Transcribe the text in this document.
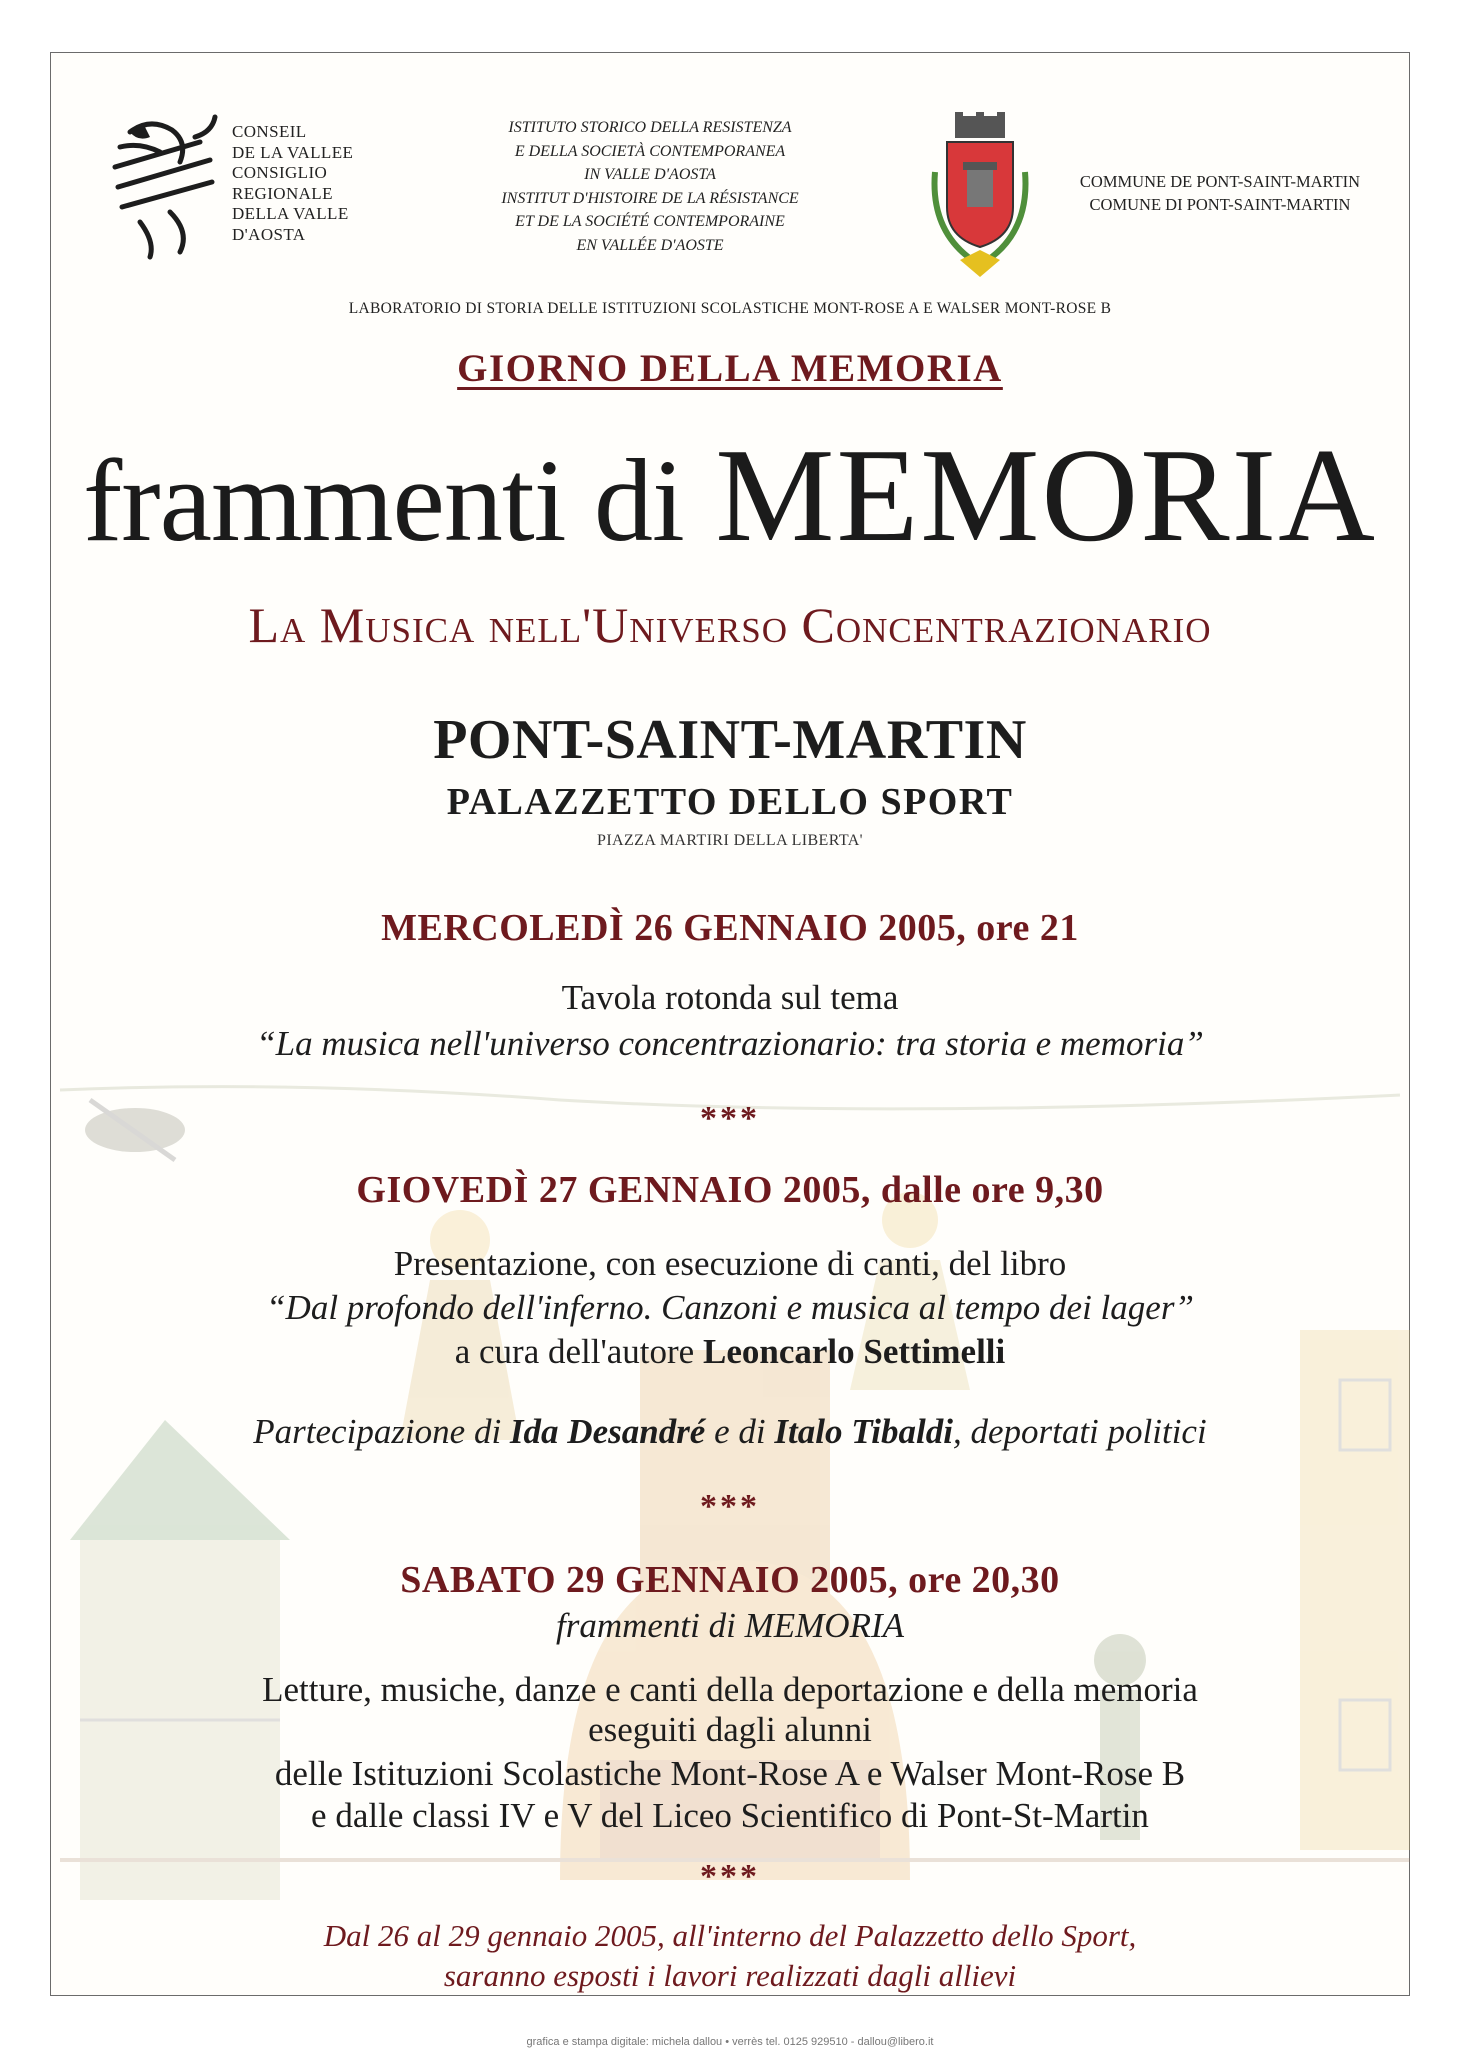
CONSEIL
DE LA VALLEE
CONSIGLIO
REGIONALE
DELLA VALLE
D'AOSTA
ISTITUTO STORICO DELLA RESISTENZA
E DELLA SOCIETÀ CONTEMPORANEA
IN VALLE D'AOSTA
INSTITUT D'HISTOIRE DE LA RÉSISTANCE
ET DE LA SOCIÉTÉ CONTEMPORAINE
EN VALLÉE D'AOSTE
COMMUNE DE PONT-SAINT-MARTIN
COMUNE DI PONT-SAINT-MARTIN
LABORATORIO DI STORIA DELLE ISTITUZIONI SCOLASTICHE MONT-ROSE A E WALSER MONT-ROSE B
GIORNO DELLA MEMORIA
frammenti di MEMORIA
La Musica nell'Universo Concentrazionario
PONT-SAINT-MARTIN
PALAZZETTO DELLO SPORT
PIAZZA MARTIRI DELLA LIBERTA'
MERCOLEDÌ 26 GENNAIO 2005, ore 21
Tavola rotonda sul tema
“La musica nell'universo concentrazionario: tra storia e memoria”
***
GIOVEDÌ 27 GENNAIO 2005, dalle ore 9,30
Presentazione, con esecuzione di canti, del libro
“Dal profondo dell'inferno. Canzoni e musica al tempo dei lager”
a cura dell'autore Leoncarlo Settimelli
Partecipazione di Ida Desandré e di Italo Tibaldi, deportati politici
***
SABATO 29 GENNAIO 2005, ore 20,30
frammenti di MEMORIA
Letture, musiche, danze e canti della deportazione e della memoria
eseguiti dagli alunni
delle Istituzioni Scolastiche Mont-Rose A e Walser Mont-Rose B
e dalle classi IV e V del Liceo Scientifico di Pont-St-Martin
***
Dal 26 al 29 gennaio 2005, all'interno del Palazzetto dello Sport,
saranno esposti i lavori realizzati dagli allievi
grafica e stampa digitale: michela dallou • verrès tel. 0125 929510 - dallou@libero.it
